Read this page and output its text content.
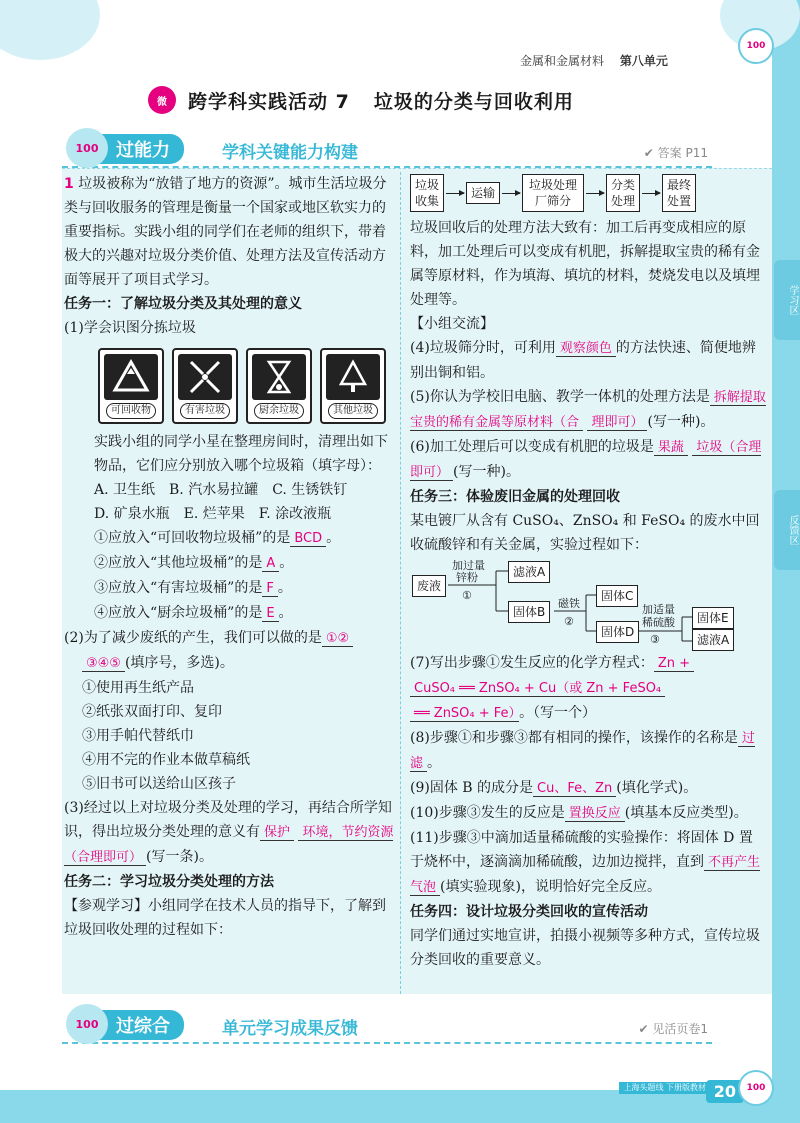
学习区
反馈区
100
金属和金属材料 第八单元
微	跨学科实践活动 7 垃圾的分类与回收利用
100 过能力	学科关键能力构建	✔ 答案 P11
1 垃圾被称为“放错了地方的资源”。城市生活垃圾分类与回收服务的管理是衡量一个国家或地区软实力的重要指标。实践小组的同学们在老师的组织下，带着极大的兴趣对垃圾分类价值、处理方法及宣传活动方面等展开了项目式学习。
任务一：了解垃圾分类及其处理的意义
(1)学会识图分拣垃圾
可回收物	有害垃圾	厨余垃圾	其他垃圾
实践小组的同学小星在整理房间时，清理出如下物品，它们应分别放入哪个垃圾箱（填字母）：
A. 卫生纸　B. 汽水易拉罐　C. 生锈铁钉
D. 矿泉水瓶　E. 烂苹果　F. 涂改液瓶
①应放入“可回收物垃圾桶”的是 BCD 。
②应放入“其他垃圾桶”的是 A 。
③应放入“有害垃圾桶”的是 F 。
④应放入“厨余垃圾桶”的是 E 。
(2)为了减少废纸的产生，我们可以做的是 ①②
③④⑤ (填序号，多选)。
①使用再生纸产品
②纸张双面打印、复印
③用手帕代替纸巾
④用不完的作业本做草稿纸
⑤旧书可以送给山区孩子
(3)经过以上对垃圾分类及处理的学习，再结合所学知识，得出垃圾分类处理的意义有 保护 环境，节约资源（合理即可） (写一条)。
任务二：学习垃圾分类处理的方法
【参观学习】小组同学在技术人员的指导下，了解到垃圾回收处理的过程如下：
垃圾收集
运输
垃圾处理厂筛分
分类处理
最终处置
垃圾回收后的处理方法大致有：加工后再变成相应的原料，加工处理后可以变成有机肥，拆解提取宝贵的稀有金属等原材料，作为填海、填坑的材料，焚烧发电以及填埋处理等。
【小组交流】
(4)垃圾筛分时，可利用 观察颜色 的方法快速、简便地辨别出铜和铝。
(5)你认为学校旧电脑、教学一体机的处理方法是 拆解提取宝贵的稀有金属等原材料（合 理即可） (写一种)。
(6)加工处理后可以变成有机肥的垃圾是 果蔬 垃圾（合理即可） (写一种)。
任务三：体验废旧金属的处理回收
某电镀厂从含有 CuSO₄、ZnSO₄ 和 FeSO₄ 的废水中回收硫酸锌和有关金属，实验过程如下：
废液
加过量
锌粉
①
滤液A
固体B
磁铁
②
固体C
固体D
加适量
稀硫酸
③
固体E
滤液A
(7)写出步骤①发生反应的化学方程式： Zn +
CuSO₄ ══ ZnSO₄ + Cu（或 Zn + FeSO₄
══ ZnSO₄ + Fe） 。（写一个）
(8)步骤①和步骤③都有相同的操作，该操作的名称是 过滤 。
(9)固体 B 的成分是 Cu、Fe、Zn (填化学式)。
(10)步骤③发生的反应是 置换反应 (填基本反应类型)。
(11)步骤③中滴加适量稀硫酸的实验操作：将固体 D 置于烧杯中，逐滴滴加稀硫酸，边加边搅拌，直到 不再产生气泡 (填实验现象)，说明恰好完全反应。
任务四：设计垃圾分类回收的宣传活动
同学们通过实地宣讲，拍摄小视频等多种方式，宣传垃圾分类回收的重要意义。
100 过综合	单元学习成果反馈	✔ 见活页卷1
上海头题线 下册版教材 20	100
